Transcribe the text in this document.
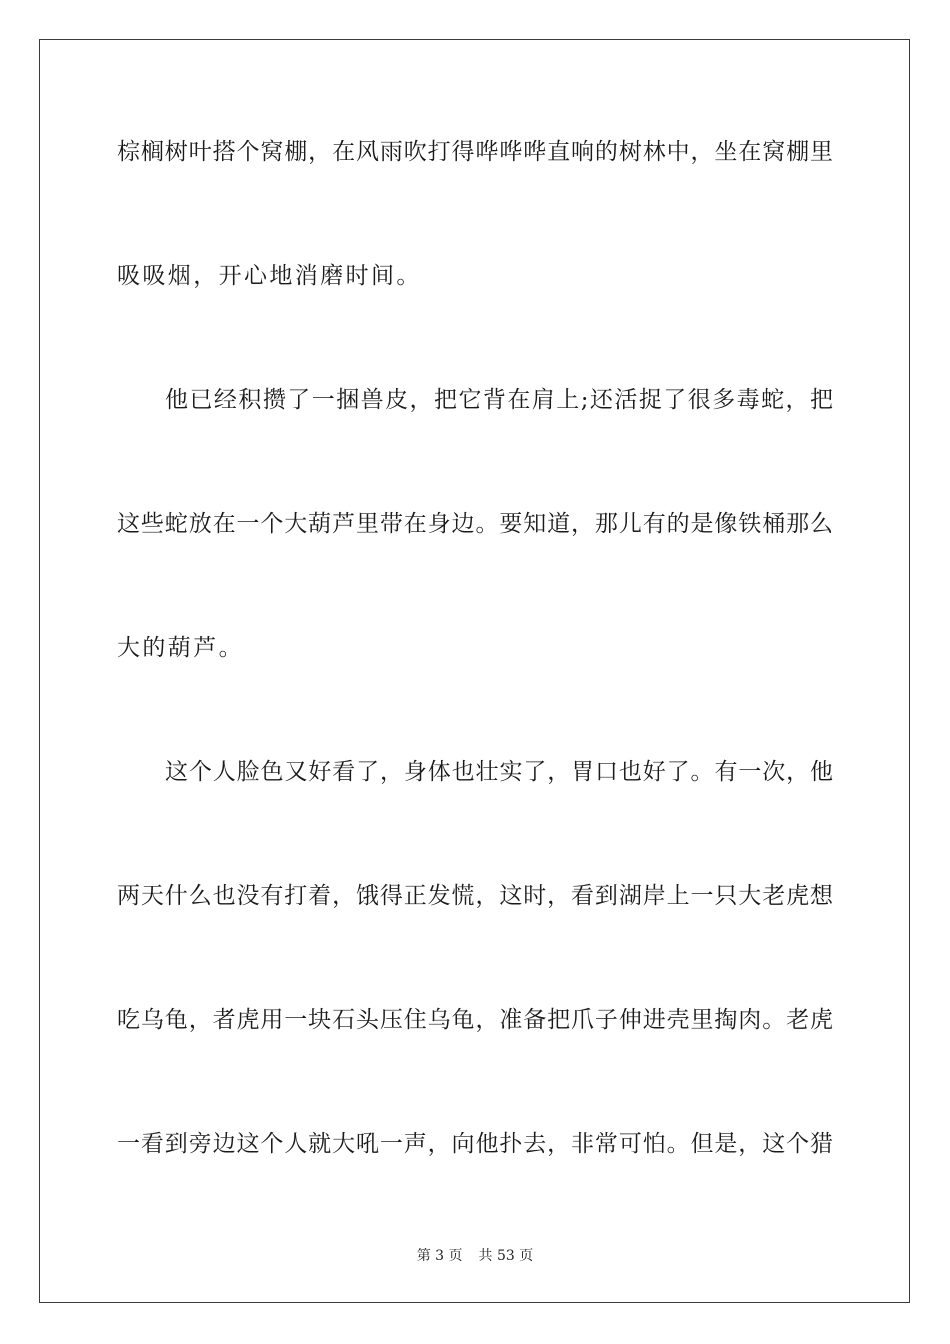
棕榈树叶搭个窝棚，在风雨吹打得哗哗哗直响的树林中，坐在窝棚里
吸吸烟，开心地消磨时间。
他已经积攒了一捆兽皮，把它背在肩上;还活捉了很多毒蛇，把
这些蛇放在一个大葫芦里带在身边。要知道，那儿有的是像铁桶那么
大的葫芦。
这个人脸色又好看了，身体也壮实了，胃口也好了。有一次，他
两天什么也没有打着，饿得正发慌，这时，看到湖岸上一只大老虎想
吃乌龟，者虎用一块石头压住乌龟，准备把爪子伸进壳里掏肉。老虎
一看到旁边这个人就大吼一声，向他扑去，非常可怕。但是，这个猎
第 3 页 共 53 页
